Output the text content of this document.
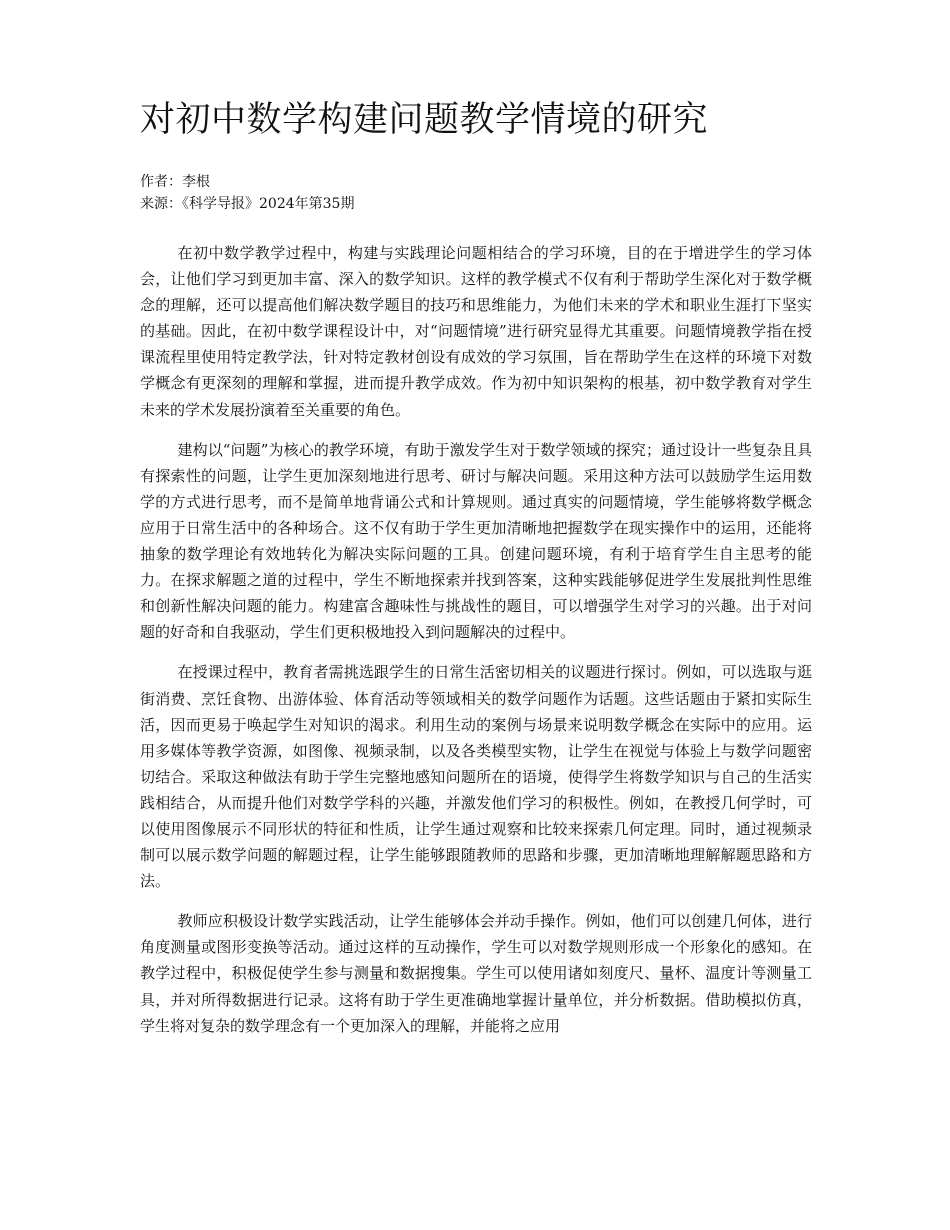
对初中数学构建问题教学情境的研究
作者：李根
来源：《科学导报》2024年第35期

在初中数学教学过程中，构建与实践理论问题相结合的学习环境，目的在于增进学生的学习体会，让他们学习到更加丰富、深入的数学知识。这样的教学模式不仅有利于帮助学生深化对于数学概念的理解，还可以提高他们解决数学题目的技巧和思维能力，为他们未来的学术和职业生涯打下坚实的基础。因此，在初中数学课程设计中，对“问题情境”进行研究显得尤其重要。问题情境教学指在授课流程里使用特定教学法，针对特定教材创设有成效的学习氛围，旨在帮助学生在这样的环境下对数学概念有更深刻的理解和掌握，进而提升教学成效。作为初中知识架构的根基，初中数学教育对学生未来的学术发展扮演着至关重要的角色。

建构以“问题”为核心的教学环境，有助于激发学生对于数学领域的探究；通过设计一些复杂且具有探索性的问题，让学生更加深刻地进行思考、研讨与解决问题。采用这种方法可以鼓励学生运用数学的方式进行思考，而不是简单地背诵公式和计算规则。通过真实的问题情境，学生能够将数学概念应用于日常生活中的各种场合。这不仅有助于学生更加清晰地把握数学在现实操作中的运用，还能将抽象的数学理论有效地转化为解决实际问题的工具。创建问题环境，有利于培育学生自主思考的能力。在探求解题之道的过程中，学生不断地探索并找到答案，这种实践能够促进学生发展批判性思维和创新性解决问题的能力。构建富含趣味性与挑战性的题目，可以增强学生对学习的兴趣。出于对问题的好奇和自我驱动，学生们更积极地投入到问题解决的过程中。

在授课过程中，教育者需挑选跟学生的日常生活密切相关的议题进行探讨。例如，可以选取与逛街消费、烹饪食物、出游体验、体育活动等领域相关的数学问题作为话题。这些话题由于紧扣实际生活，因而更易于唤起学生对知识的渴求。利用生动的案例与场景来说明数学概念在实际中的应用。运用多媒体等教学资源，如图像、视频录制，以及各类模型实物，让学生在视觉与体验上与数学问题密切结合。采取这种做法有助于学生完整地感知问题所在的语境，使得学生将数学知识与自己的生活实践相结合，从而提升他们对数学学科的兴趣，并激发他们学习的积极性。例如，在教授几何学时，可以使用图像展示不同形状的特征和性质，让学生通过观察和比较来探索几何定理。同时，通过视频录制可以展示数学问题的解题过程，让学生能够跟随教师的思路和步骤，更加清晰地理解解题思路和方法。

教师应积极设计数学实践活动，让学生能够体会并动手操作。例如，他们可以创建几何体，进行角度测量或图形变换等活动。通过这样的互动操作，学生可以对数学规则形成一个形象化的感知。在教学过程中，积极促使学生参与测量和数据搜集。学生可以使用诸如刻度尺、量杯、温度计等测量工具，并对所得数据进行记录。这将有助于学生更准确地掌握计量单位，并分析数据。借助模拟仿真，学生将对复杂的数学理念有一个更加深入的理解，并能将之应用
